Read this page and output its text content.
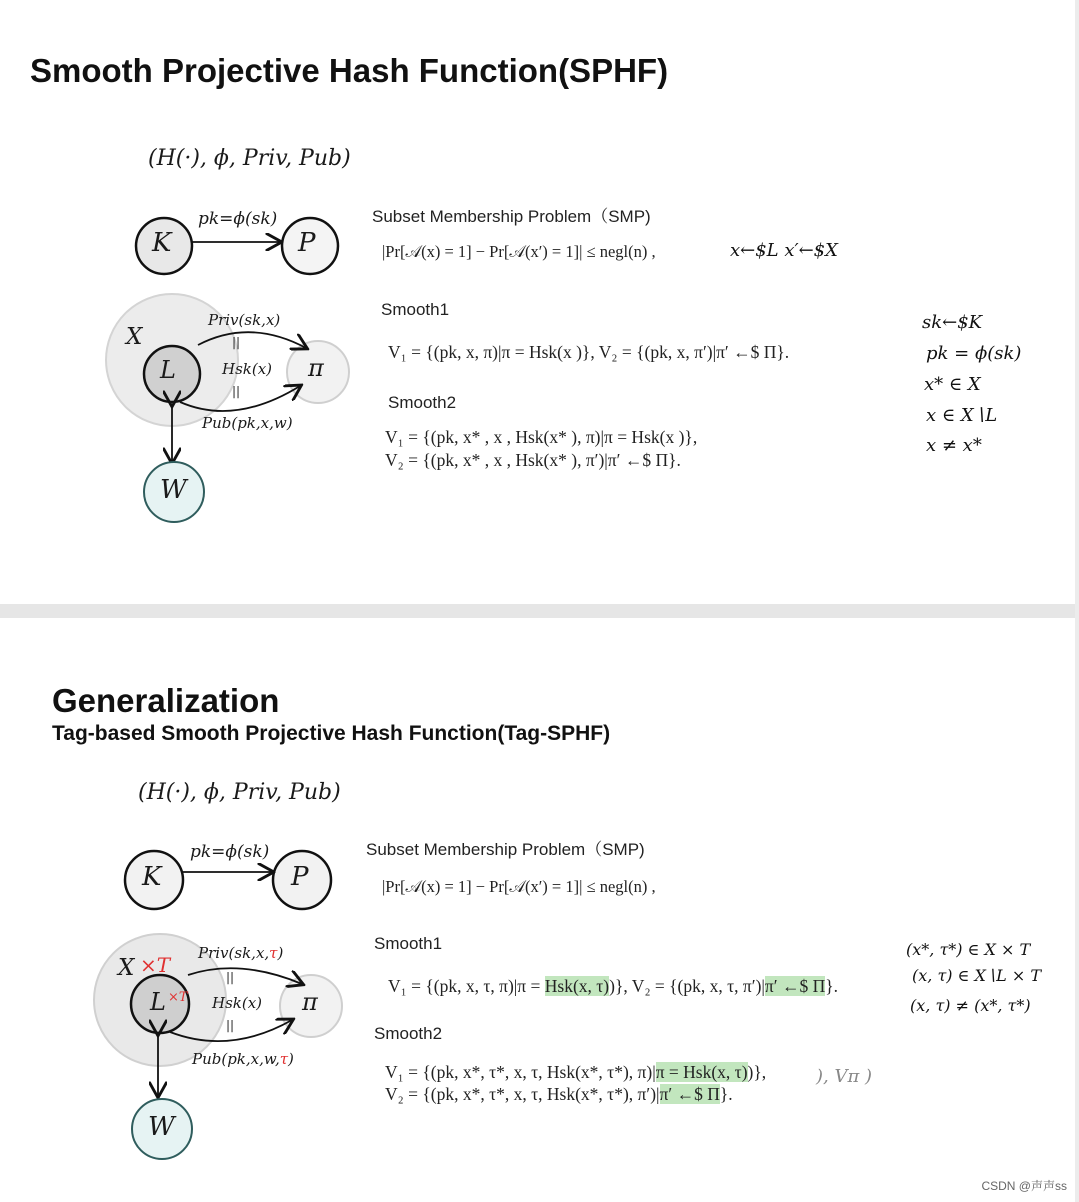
Smooth Projective Hash Function(SPHF)
(H(·), ϕ, Priv, Pub)
K	P
pk=ϕ(sk)
X
L	π
W
Priv(sk,x)
||
Hsk(x)
||
Pub(pk,x,w)
Subset Membership Problem（SMP)
|Pr[𝒜(x) = 1] − Pr[𝒜(x′) = 1]| ≤ negl(n) ,	x←$L x′←$X
Smooth1
V₁ = {(pk, x, π)|π = Hsk(x )}, V₂ = {(pk, x, π′)|π′ ←$ Π}.
Smooth2
V₁ = {(pk, x* , x , Hsk(x* ), π)|π = Hsk(x )},
V₂ = {(pk, x* , x , Hsk(x* ), π′)|π′ ←$ Π}.
sk←$K
pk = ϕ(sk)
x* ∈ X
x ∈ X∖L
x ≠ x*
Generalization
Tag-based Smooth Projective Hash Function(Tag-SPHF)
(H(·), ϕ, Priv, Pub)
K	P
pk=ϕ(sk)
X ×T
L ×T	π
W
Priv(sk,x,τ)
||
Hsk(x)
||
Pub(pk,x,w,τ)
Subset Membership Problem（SMP)
|Pr[𝒜(x) = 1] − Pr[𝒜(x′) = 1]| ≤ negl(n) ,
Smooth1
V₁ = {(pk, x, τ, π)|π = Hsk(x, τ))}, V₂ = {(pk, x, τ, π′)|π′ ←$ Π}.
Smooth2
V₁ = {(pk, x*, τ*, x, τ, Hsk(x*, τ*), π)|π = Hsk(x, τ))},	), Vπ )
V₂ = {(pk, x*, τ*, x, τ, Hsk(x*, τ*), π′)|π′ ←$ Π}.
(x*, τ*) ∈ X × T
(x, τ) ∈ X∖L × T
(x, τ) ≠ (x*, τ*)
CSDN @声声ss
